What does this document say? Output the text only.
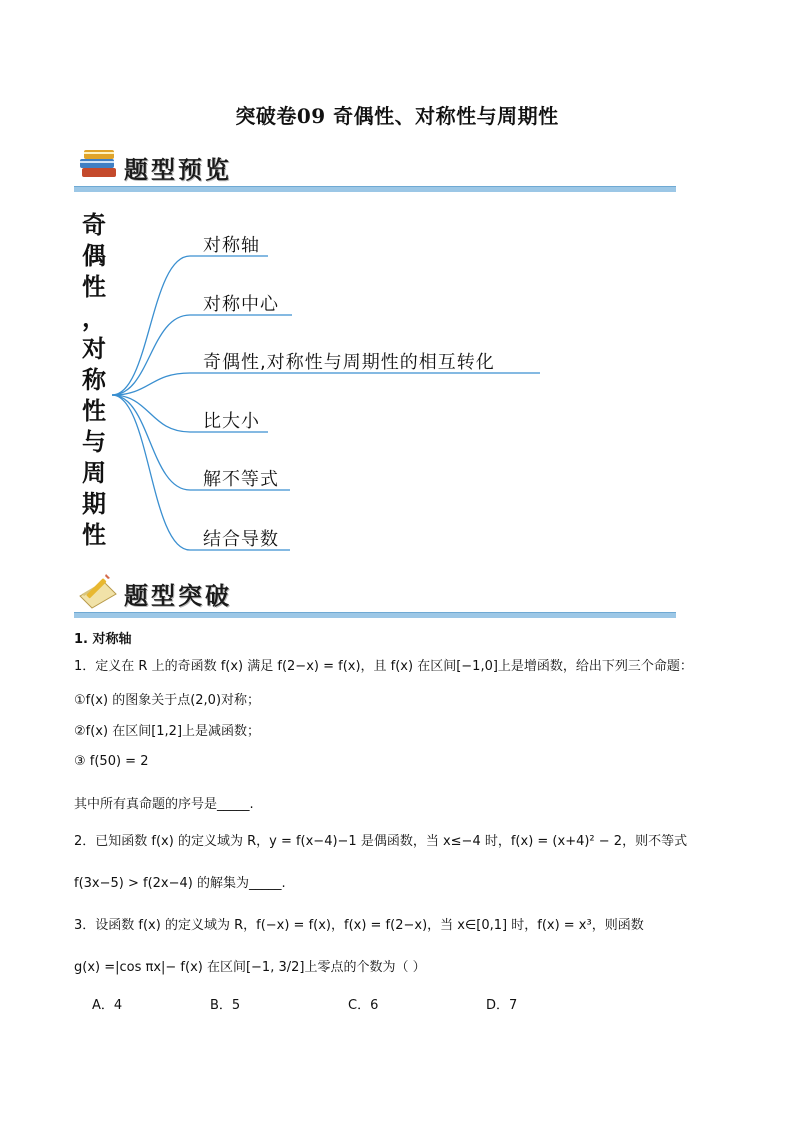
突破卷09 奇偶性、对称性与周期性
题型预览
奇
偶
性
，
对
称
性
与
周
期
性
对称轴
对称中心
奇偶性,对称性与周期性的相互转化
比大小
解不等式
结合导数
题型突破
1. 对称轴
1．定义在 R 上的奇函数 f(x) 满足 f(2−x) = f(x)，且 f(x) 在区间[−1,0]上是增函数，给出下列三个命题：
①f(x) 的图象关于点(2,0)对称；
②f(x) 在区间[1,2]上是减函数；
③ f(50) = 2
其中所有真命题的序号是_____.
2．已知函数 f(x) 的定义域为 R，y = f(x−4)−1 是偶函数，当 x≤−4 时，f(x) = (x+4)² − 2，则不等式
f(3x−5) > f(2x−4) 的解集为_____.
3．设函数 f(x) 的定义域为 R，f(−x) = f(x)，f(x) = f(2−x)，当 x∈[0,1] 时，f(x) = x³，则函数
g(x) =|cos πx|− f(x) 在区间[−1, 3/2]上零点的个数为（ ）
A．4	B．5	C．6	D．7
